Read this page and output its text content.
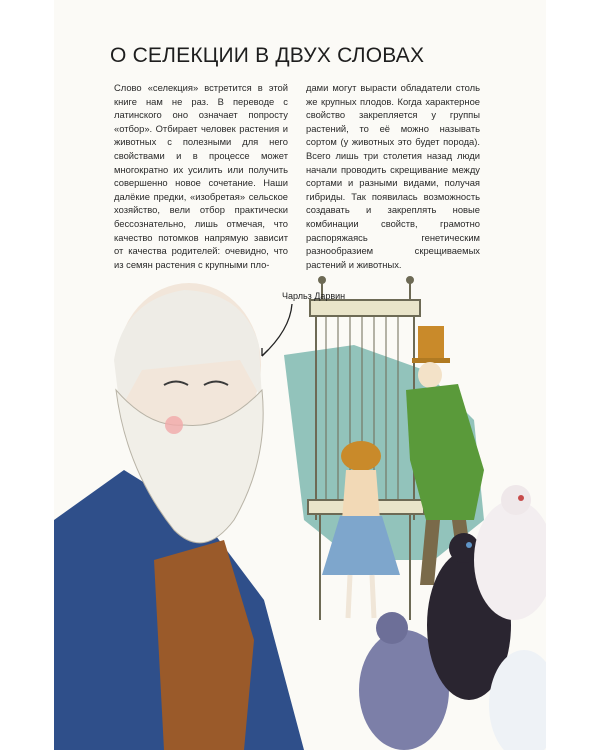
О СЕЛЕКЦИИ В ДВУХ СЛОВАХ

Слово «селекция» встретится в этой книге нам не раз. В переводе с латинского оно означает попросту «отбор». Отбирает человек растения и животных с полезными для него свойствами и в процессе может многократно их усилить или получить совершенно новое сочетание. Наши далёкие предки, «изобретая» сельское хозяйство, вели отбор практически бессознательно, лишь отмечая, что качество потомков напрямую зависит от качества родителей: очевидно, что из семян растения с крупными пло-

дами могут вырасти обладатели столь же крупных плодов. Когда характерное свойство закрепляется у группы растений, то её можно называть сортом (у животных это будет порода). Всего лишь три столетия назад люди начали проводить скрещивание между сортами и разными видами, получая гибриды. Так появилась возможность создавать и закреплять новые комбинации свойств, грамотно распоряжаясь генетическим разнообразием скрещиваемых растений и животных.

Чарльз Дарвин
